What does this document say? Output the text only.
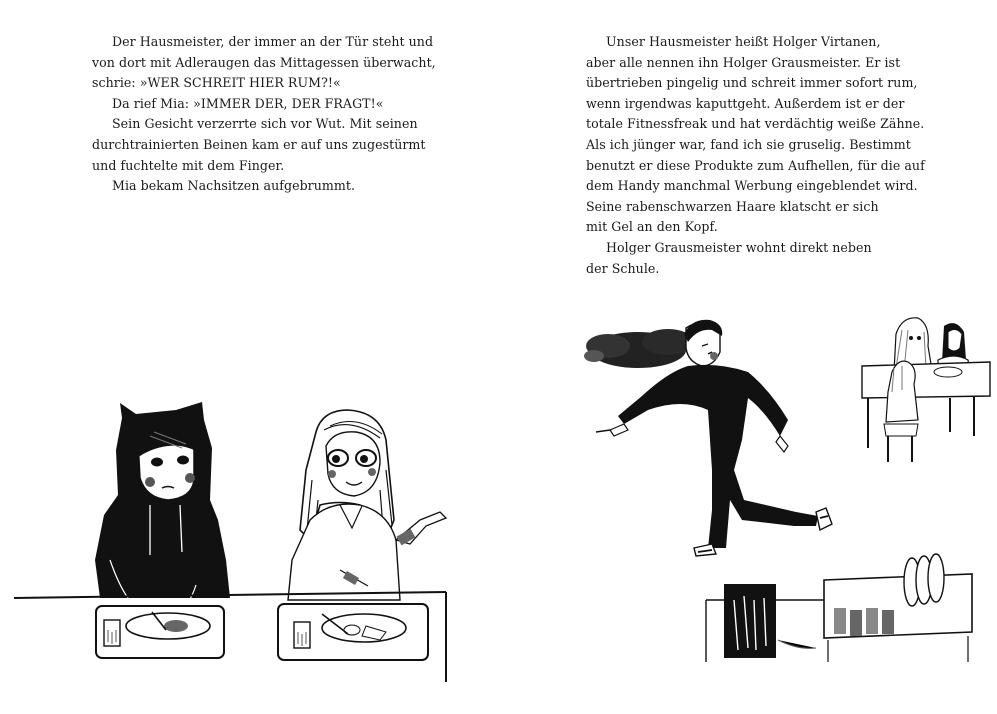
Der Hausmeister, der immer an der Tür steht und
von dort mit Adleraugen das Mittagessen überwacht,
schrie: »WER SCHREIT HIER RUM?!«
Da rief Mia: »IMMER DER, DER FRAGT!«
Sein Gesicht verzerrte sich vor Wut. Mit seinen
durchtrainierten Beinen kam er auf uns zugestürmt
und fuchtelte mit dem Finger.
Mia bekam Nachsitzen aufgebrummt.
Unser Hausmeister heißt Holger Virtanen,
aber alle nennen ihn Holger Grausmeister. Er ist
übertrieben pingelig und schreit immer sofort rum,
wenn irgendwas kaputtgeht. Außerdem ist er der
totale Fitnessfreak und hat verdächtig weiße Zähne.
Als ich jünger war, fand ich sie gruselig. Bestimmt
benutzt er diese Produkte zum Aufhellen, für die auf
dem Handy manchmal Werbung eingeblendet wird.
Seine rabenschwarzen Haare klatscht er sich
mit Gel an den Kopf.
Holger Grausmeister wohnt direkt neben
der Schule.
